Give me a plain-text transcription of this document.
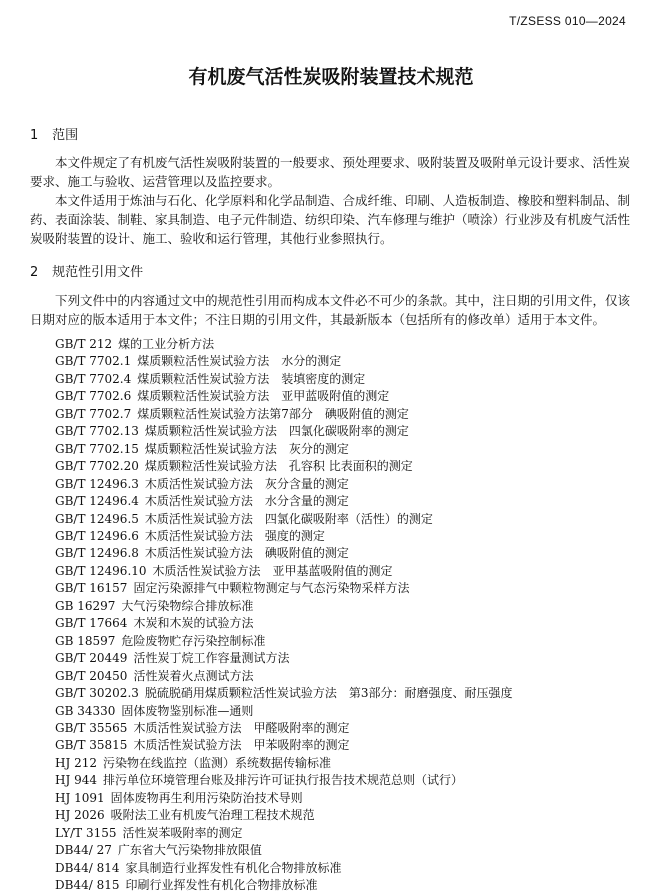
T/ZSESS 010—2024
有机废气活性炭吸附装置技术规范
1 范围

本文件规定了有机废气活性炭吸附装置的一般要求、预处理要求、吸附装置及吸附单元设计要求、活性炭要求、施工与验收、运营管理以及监控要求。

本文件适用于炼油与石化、化学原料和化学品制造、合成纤维、印刷、人造板制造、橡胶和塑料制品、制药、表面涂装、制鞋、家具制造、电子元件制造、纺织印染、汽车修理与维护（喷涂）行业涉及有机废气活性炭吸附装置的设计、施工、验收和运行管理，其他行业参照执行。

2 规范性引用文件

下列文件中的内容通过文中的规范性引用而构成本文件必不可少的条款。其中，注日期的引用文件，仅该日期对应的版本适用于本文件；不注日期的引用文件，其最新版本（包括所有的修改单）适用于本文件。

GB/T 212 煤的工业分析方法
GB/T 7702.1 煤质颗粒活性炭试验方法　水分的测定
GB/T 7702.4 煤质颗粒活性炭试验方法　装填密度的测定
GB/T 7702.6 煤质颗粒活性炭试验方法　亚甲蓝吸附值的测定
GB/T 7702.7 煤质颗粒活性炭试验方法第7部分　碘吸附值的测定
GB/T 7702.13 煤质颗粒活性炭试验方法　四氯化碳吸附率的测定
GB/T 7702.15 煤质颗粒活性炭试验方法　灰分的测定
GB/T 7702.20 煤质颗粒活性炭试验方法　孔容积 比表面积的测定
GB/T 12496.3 木质活性炭试验方法　灰分含量的测定
GB/T 12496.4 木质活性炭试验方法　水分含量的测定
GB/T 12496.5 木质活性炭试验方法　四氯化碳吸附率（活性）的测定
GB/T 12496.6 木质活性炭试验方法　强度的测定
GB/T 12496.8 木质活性炭试验方法　碘吸附值的测定
GB/T 12496.10 木质活性炭试验方法　亚甲基蓝吸附值的测定
GB/T 16157 固定污染源排气中颗粒物测定与气态污染物采样方法
GB 16297 大气污染物综合排放标准
GB/T 17664 木炭和木炭的试验方法
GB 18597 危险废物贮存污染控制标准
GB/T 20449 活性炭丁烷工作容量测试方法
GB/T 20450 活性炭着火点测试方法
GB/T 30202.3 脱硫脱硝用煤质颗粒活性炭试验方法　第3部分：耐磨强度、耐压强度
GB 34330 固体废物鉴别标准—通则
GB/T 35565 木质活性炭试验方法　甲醛吸附率的测定
GB/T 35815 木质活性炭试验方法　甲苯吸附率的测定
HJ 212 污染物在线监控（监测）系统数据传输标准
HJ 944 排污单位环境管理台账及排污许可证执行报告技术规范总则（试行）
HJ 1091 固体废物再生利用污染防治技术导则
HJ 2026 吸附法工业有机废气治理工程技术规范
LY/T 3155 活性炭苯吸附率的测定
DB44/ 27 广东省大气污染物排放限值
DB44/ 814 家具制造行业挥发性有机化合物排放标准
DB44/ 815 印刷行业挥发性有机化合物排放标准
